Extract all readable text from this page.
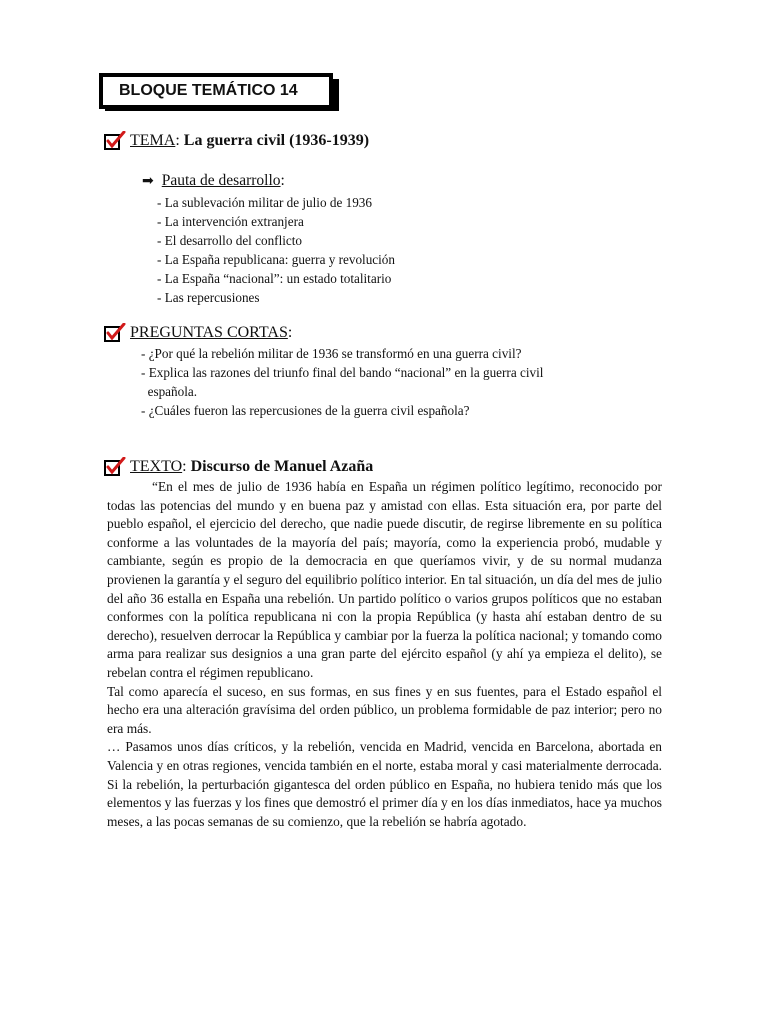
BLOQUE TEMÁTICO 14
TEMA : La guerra civil (1936-1939)
➡ Pauta de desarrollo :
- La sublevación militar de julio de 1936
- La intervención extranjera
- El desarrollo del conflicto
- La España republicana: guerra y revolución
- La España “nacional”: un estado totalitario
- Las repercusiones
PREGUNTAS CORTAS :
- ¿Por qué la rebelión militar de 1936 se transformó en una guerra civil?
- Explica las razones del triunfo final del bando “nacional” en la guerra civil
española.
- ¿Cuáles fueron las repercusiones de la guerra civil española?
TEXTO : Discurso de Manuel Azaña

“En el mes de julio de 1936 había en España un régimen político legítimo, reconocido por todas las potencias del mundo y en buena paz y amistad con ellas. Esta situación era, por parte del pueblo español, el ejercicio del derecho, que nadie puede discutir, de regirse libremente en su política conforme a las voluntades de la mayoría del país; mayoría, como la experiencia probó, mudable y cambiante, según es propio de la democracia en que queríamos vivir, y de su normal mudanza provienen la garantía y el seguro del equilibrio político interior. En tal situación, un día del mes de julio del año 36 estalla en España una rebelión. Un partido político o varios grupos políticos que no estaban conformes con la política republicana ni con la propia República (y hasta ahí estaban dentro de su derecho), resuelven derrocar la República y cambiar por la fuerza la política nacional; y tomando como arma para realizar sus designios a una gran parte del ejército español (y ahí ya empieza el delito), se rebelan contra el régimen republicano.

Tal como aparecía el suceso, en sus formas, en sus fines y en sus fuentes, para el Estado español el hecho era una alteración gravísima del orden público, un problema formidable de paz interior; pero no era más.

… Pasamos unos días críticos, y la rebelión, vencida en Madrid, vencida en Barcelona, abortada en Valencia y en otras regiones, vencida también en el norte, estaba moral y casi materialmente derrocada. Si la rebelión, la perturbación gigantesca del orden público en España, no hubiera tenido más que los elementos y las fuerzas y los fines que demostró el primer día y en los días inmediatos, hace ya muchos meses, a las pocas semanas de su comienzo, que la rebelión se habría agotado.
